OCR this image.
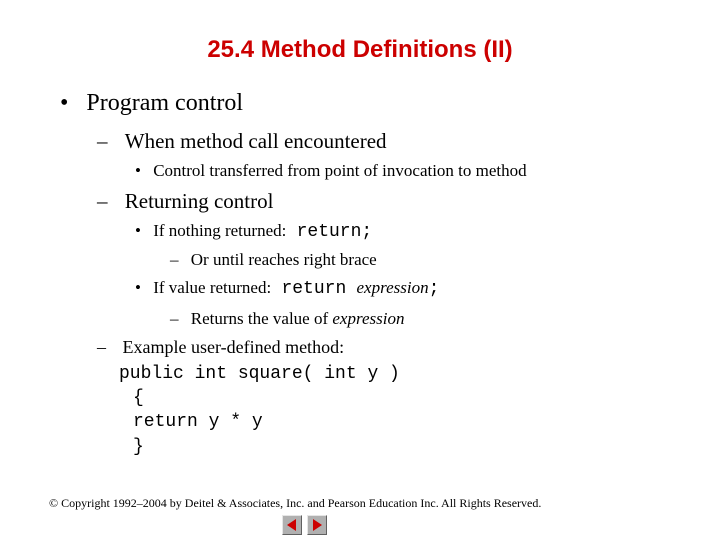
25.4 Method Definitions (II)
• Program control
– When method call encountered
• Control transferred from point of invocation to method
– Returning control
• If nothing returned: return;
– Or until reaches right brace
• If value returned: return expression;
– Returns the value of expression
– Example user-defined method:
public int square( int y )
{
return y * y
}
© Copyright 1992–2004 by Deitel & Associates, Inc. and Pearson Education Inc. All Rights Reserved.
